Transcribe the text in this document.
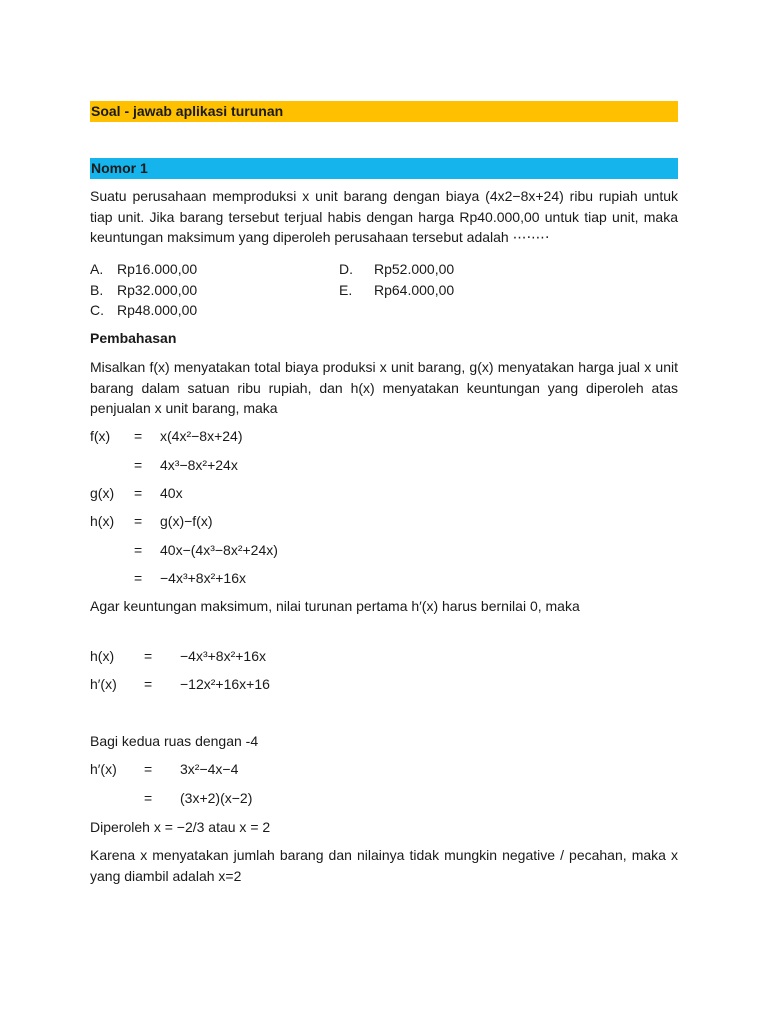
Soal - jawab aplikasi turunan
Nomor 1
Suatu perusahaan memproduksi x unit barang dengan biaya (4x2−8x+24) ribu rupiah untuk tiap unit. Jika barang tersebut terjual habis dengan harga Rp40.000,00 untuk tiap unit, maka keuntungan maksimum yang diperoleh perusahaan tersebut adalah ⋯⋅⋯⋅
A. Rp16.000,00
B. Rp32.000,00
C. Rp48.000,00
D. Rp52.000,00
E. Rp64.000,00
Pembahasan
Misalkan f(x) menyatakan total biaya produksi x unit barang, g(x) menyatakan harga jual x unit barang dalam satuan ribu rupiah, dan h(x) menyatakan keuntungan yang diperoleh atas penjualan x unit barang, maka
f(x) = x(4x²−8x+24)
= 4x³−8x²+24x
g(x) = 40x
h(x) = g(x)−f(x)
= 40x−(4x³−8x²+24x)
= −4x³+8x²+16x
Agar keuntungan maksimum, nilai turunan pertama h′(x) harus bernilai 0, maka
h(x) = −4x³+8x²+16x
h′(x) = −12x²+16x+16
Bagi kedua ruas dengan -4
h′(x) = 3x²−4x−4
= (3x+2)(x−2)
Diperoleh x = −2/3 atau x = 2
Karena x menyatakan jumlah barang dan nilainya tidak mungkin negative / pecahan, maka x yang diambil adalah x=2
